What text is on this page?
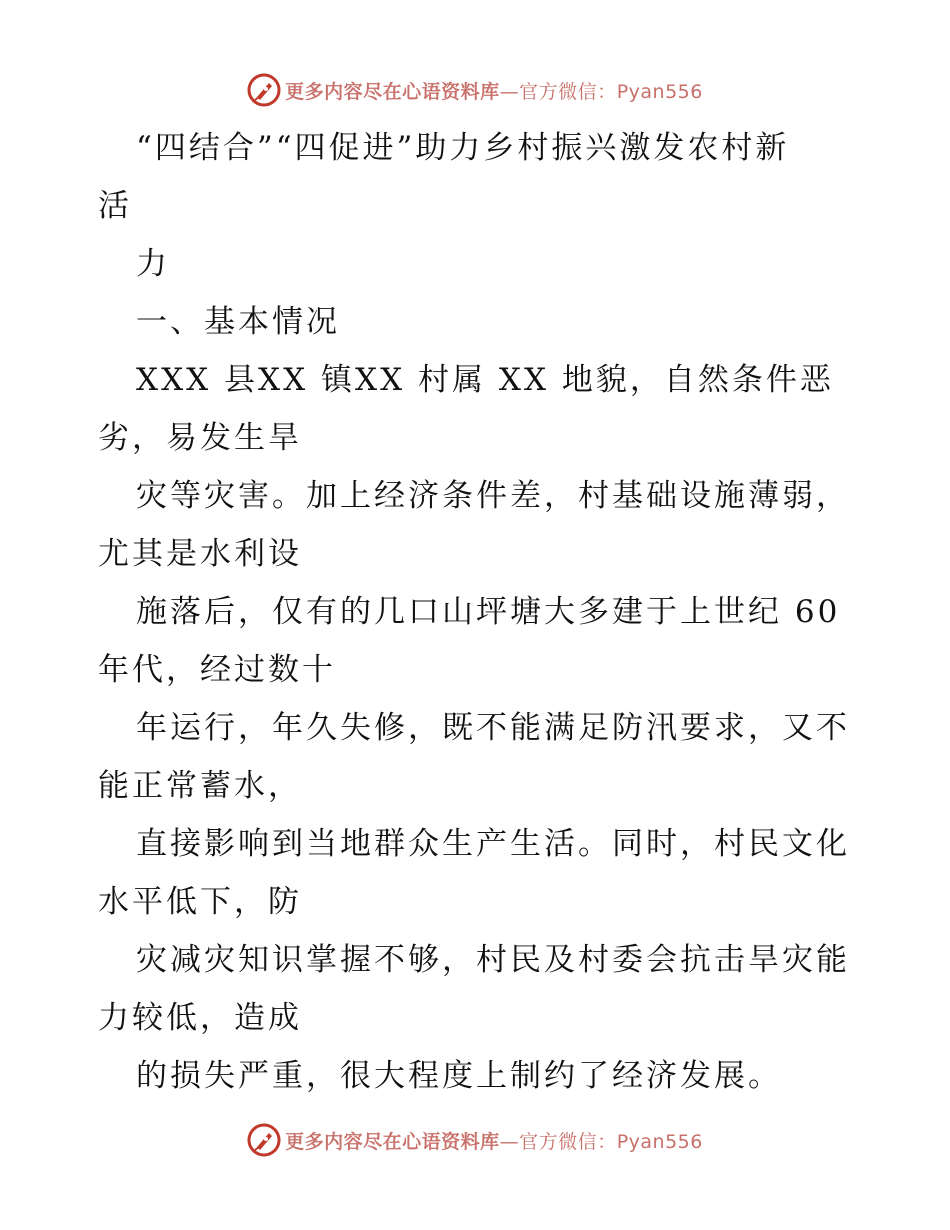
更多内容尽在心语资料库—官方微信：Pyan556
“四结合”“四促进”助力乡村振兴激发农村新
活
力
一、基本情况
XXX 县XX 镇XX 村属 XX 地貌，自然条件恶
劣，易发生旱
灾等灾害。加上经济条件差，村基础设施薄弱，
尤其是水利设
施落后，仅有的几口山坪塘大多建于上世纪 60
年代，经过数十
年运行，年久失修，既不能满足防汛要求，又不
能正常蓄水，
直接影响到当地群众生产生活。同时，村民文化
水平低下，防
灾减灾知识掌握不够，村民及村委会抗击旱灾能
力较低，造成
的损失严重，很大程度上制约了经济发展。
更多内容尽在心语资料库—官方微信：Pyan556
